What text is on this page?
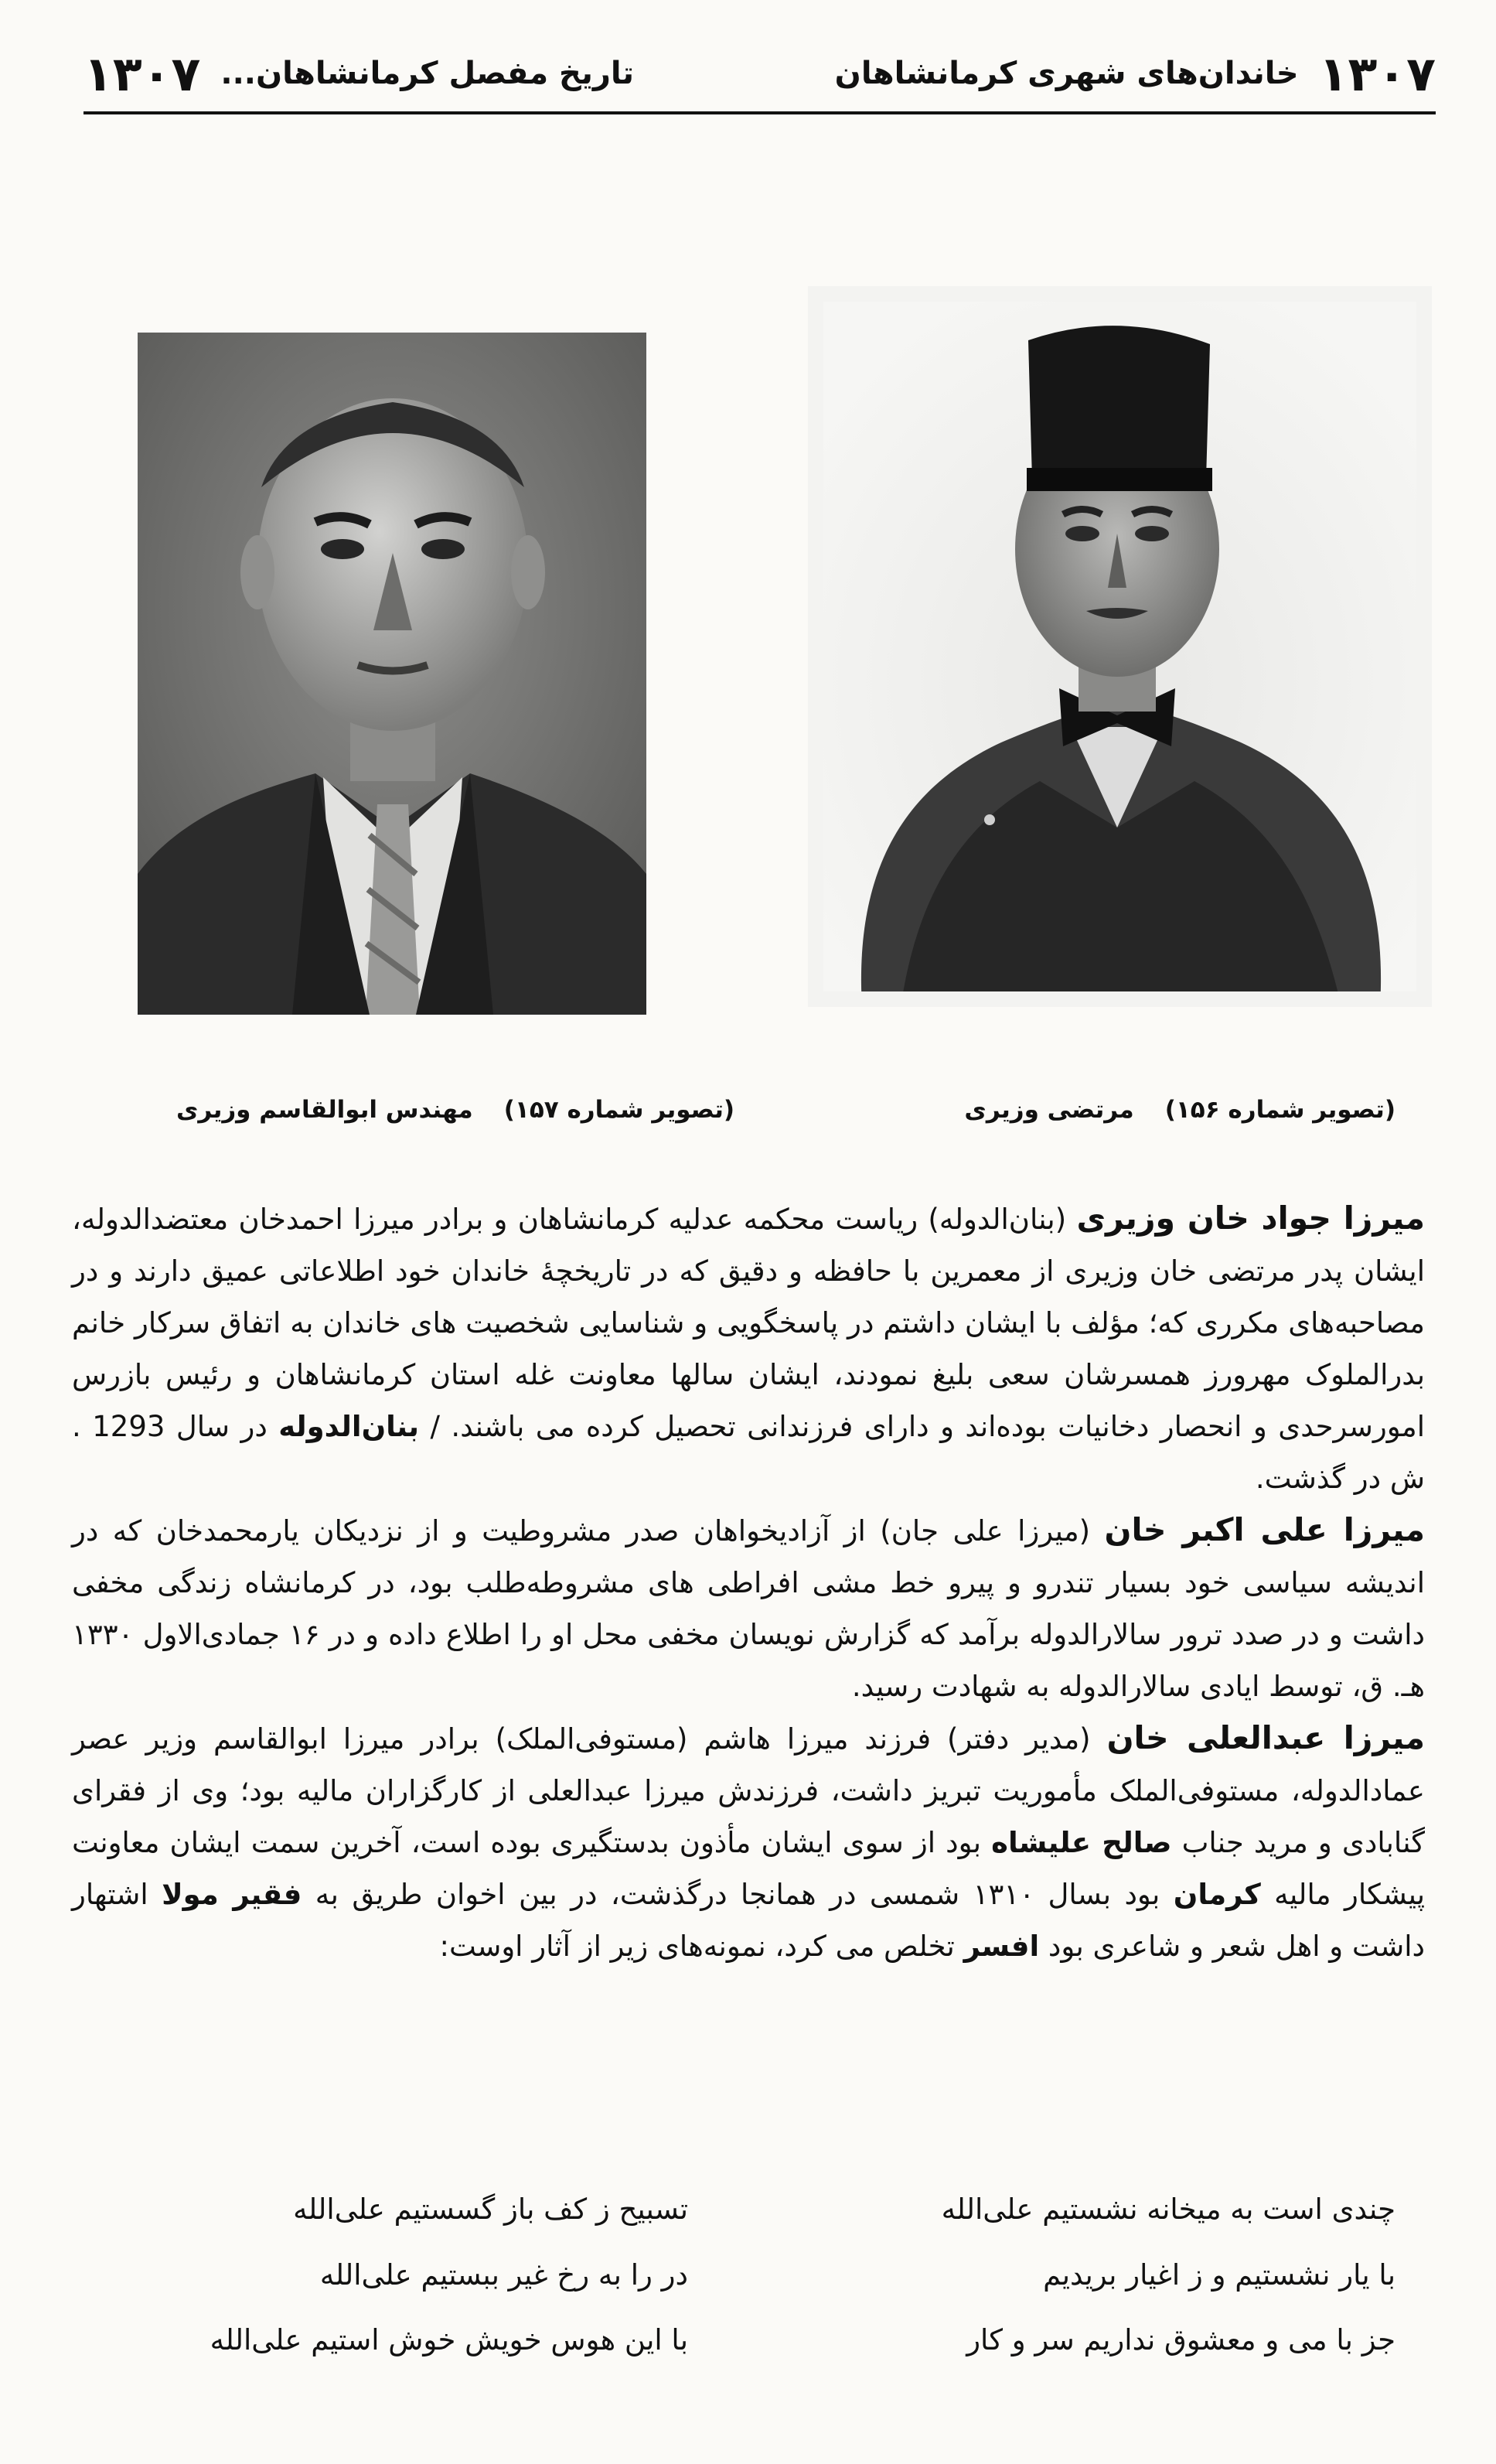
۱۳۰۷
خاندان‌های شهری کرمانشاهان
تاریخ مفصل کرمانشاهان...
۱۳۰۷
(تصویر شماره ۱۵۶)
مرتضی وزیری
(تصویر شماره ۱۵۷)
مهندس ابوالقاسم وزیری

میرزا جواد خان وزیری (بنان‌الدوله) ریاست محکمه عدلیه کرمانشاهان و برادر میرزا احمدخان معتضدالدوله، ایشان پدر مرتضی خان وزیری از معمرین با حافظه و دقیق که در تاریخچهٔ خاندان خود اطلاعاتی عمیق دارند و در مصاحبه‌های مکرری که؛ مؤلف با ایشان داشتم در پاسخگویی و شناسایی شخصیت های خاندان به اتفاق سرکار خانم بدرالملوک مهرورز همسرشان سعی بلیغ نمودند، ایشان سالها معاونت غله استان کرمانشاهان و رئیس بازرس امورسرحدی و انحصار دخانیات بوده‌اند و دارای فرزندانی تحصیل کرده می باشند. / بنان‌الدوله در سال 1293 . ش در گذشت.

میرزا علی اکبر خان (میرزا علی جان) از آزادیخواهان صدر مشروطیت و از نزدیکان یارمحمدخان که در اندیشه سیاسی خود بسیار تندرو و پیرو خط مشی افراطی های مشروطه‌طلب بود، در کرمانشاه زندگی مخفی داشت و در صدد ترور سالارالدوله برآمد که گزارش نویسان مخفی محل او را اطلاع داده و در ۱۶ جمادی‌الاول ۱۳۳۰ هـ. ق، توسط ایادی سالارالدوله به شهادت رسید.

میرزا عبدالعلی خان (مدیر دفتر) فرزند میرزا هاشم (مستوفی‌الملک) برادر میرزا ابوالقاسم وزیر عصر عمادالدوله، مستوفی‌الملک مأموریت تبریز داشت، فرزندش میرزا عبدالعلی از کارگزاران مالیه بود؛ وی از فقرای گنابادی و مرید جناب صالح علیشاه بود از سوی ایشان مأذون بدستگیری بوده است، آخرین سمت ایشان معاونت پیشکار مالیه کرمان بود بسال ۱۳۱۰ شمسی در همانجا درگذشت، در بین اخوان طریق به فقیر مولا اشتهار داشت و اهل شعر و شاعری بود افسر تخلص می کرد، نمونه‌های زیر از آثار اوست:

چندی است به میخانه نشستیم علی‌الله
تسبیح ز کف باز گسستیم علی‌الله
با یار نشستیم و ز اغیار بریدیم
در را به رخ غیر ببستیم علی‌الله
جز با می و معشوق نداریم سر و کار
با این هوس خویش خوش استیم علی‌الله
